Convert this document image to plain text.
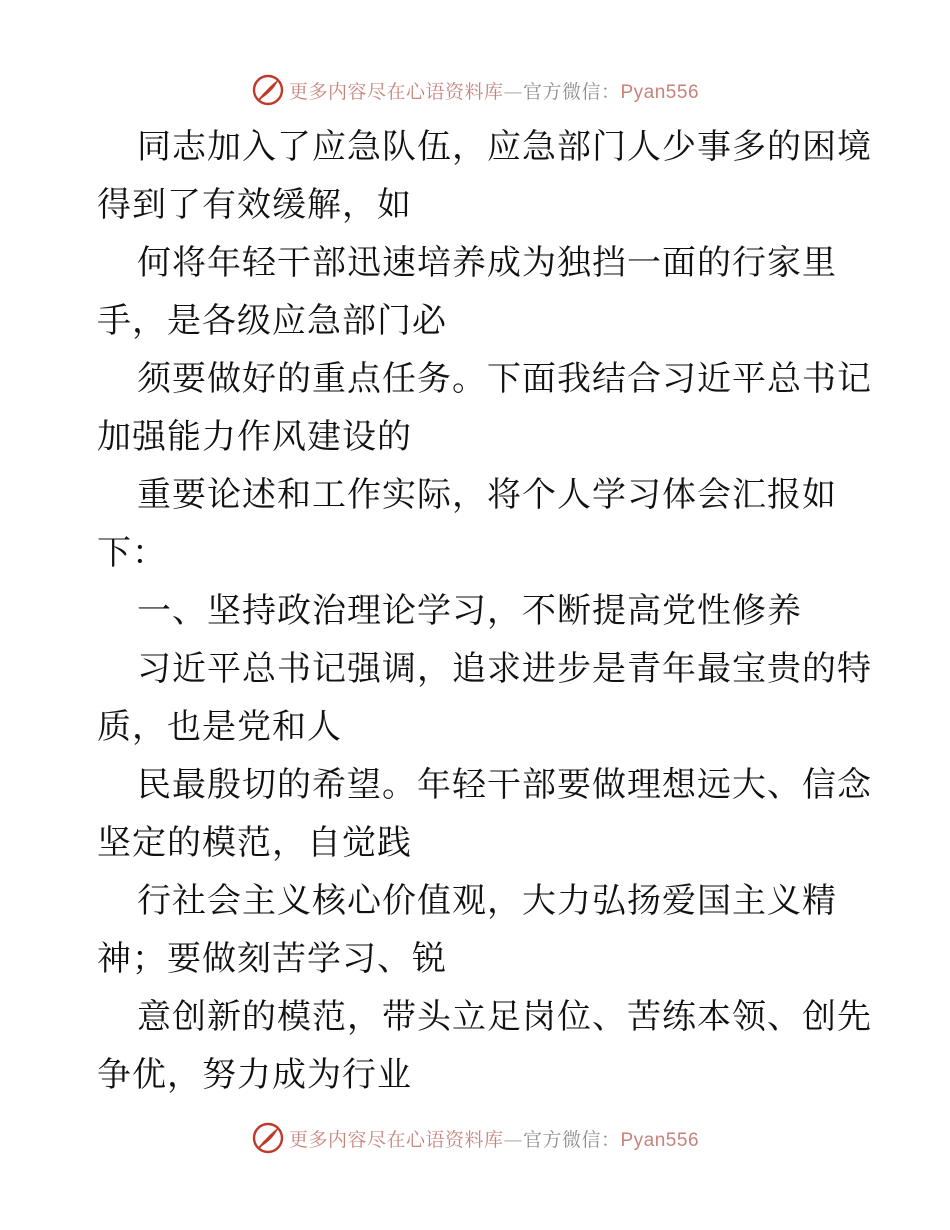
更多内容尽在心语资料库—官方微信：Pyan556
同志加入了应急队伍，应急部门人少事多的困境
得到了有效缓解，如
何将年轻干部迅速培养成为独挡一面的行家里
手，是各级应急部门必
须要做好的重点任务。下面我结合习近平总书记
加强能力作风建设的
重要论述和工作实际，将个人学习体会汇报如
下：
一、坚持政治理论学习，不断提高党性修养
习近平总书记强调，追求进步是青年最宝贵的特
质，也是党和人
民最殷切的希望。年轻干部要做理想远大、信念
坚定的模范，自觉践
行社会主义核心价值观，大力弘扬爱国主义精
神；要做刻苦学习、锐
意创新的模范，带头立足岗位、苦练本领、创先
争优，努力成为行业
更多内容尽在心语资料库—官方微信：Pyan556
